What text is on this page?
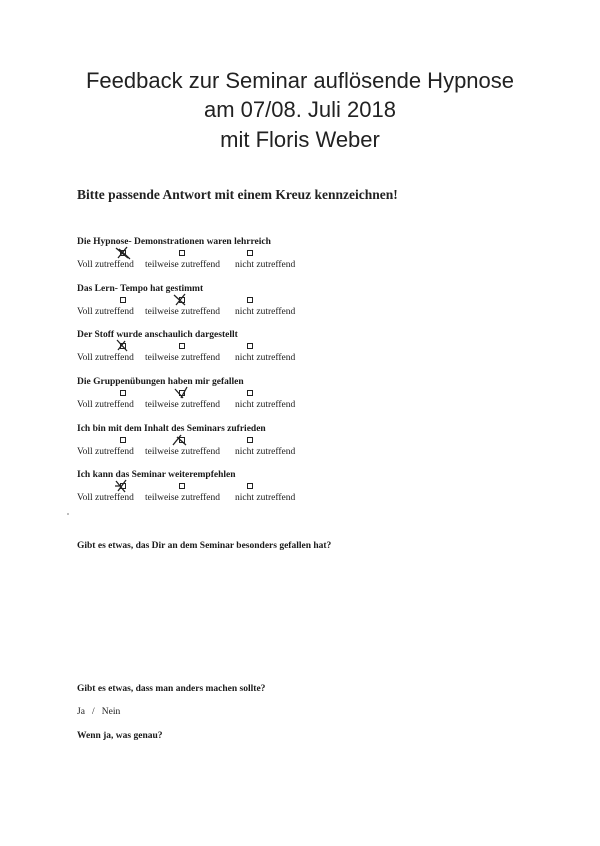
Feedback zur Seminar auflösende Hypnose
am 07/08. Juli 2018
mit Floris Weber
Bitte passende Antwort mit einem Kreuz kennzeichnen!
Die Hypnose- Demonstrationen waren lehrreich
Voll zutreffend teilweise zutreffend nicht zutreffend
Das Lern- Tempo hat gestimmt
Voll zutreffend teilweise zutreffend nicht zutreffend
Der Stoff wurde anschaulich dargestellt
Voll zutreffend teilweise zutreffend nicht zutreffend
Die Gruppenübungen haben mir gefallen
Voll zutreffend teilweise zutreffend nicht zutreffend
Ich bin mit dem Inhalt des Seminars zufrieden
Voll zutreffend teilweise zutreffend nicht zutreffend
Ich kann das Seminar weiterempfehlen
Voll zutreffend teilweise zutreffend nicht zutreffend
Gibt es etwas, das Dir an dem Seminar besonders gefallen hat?
Gibt es etwas, dass man anders machen sollte?
Ja   /   Nein
Wenn ja, was genau?
